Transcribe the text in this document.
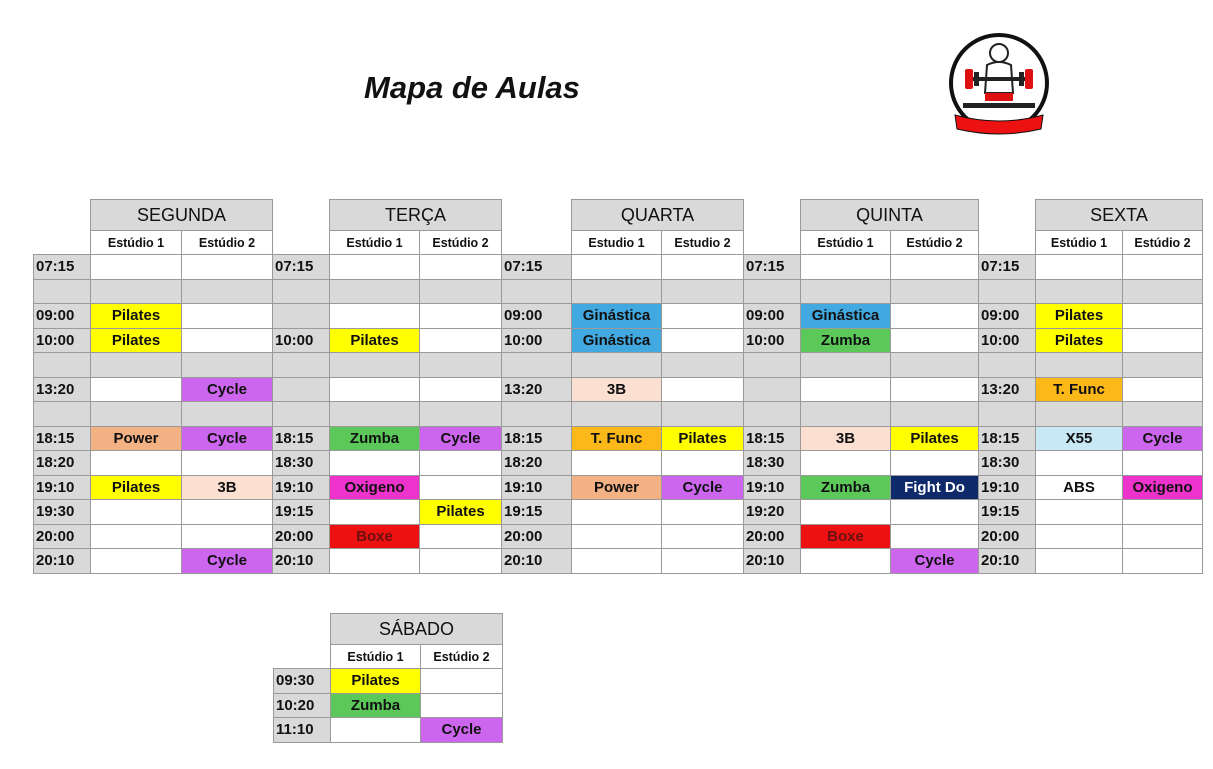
Mapa de Aulas
	SEGUNDA			TERÇA			QUARTA			QUINTA			SEXTA	
	Estúdio 1	Estúdio 2		Estúdio 1	Estúdio 2		Estudio 1	Estudio 2		Estúdio 1	Estúdio 2		Estúdio 1	Estúdio 2
07:15			07:15			07:15			07:15			07:15		

09:00	Pilates					09:00	Ginástica		09:00	Ginástica		09:00	Pilates	
10:00	Pilates		10:00	Pilates		10:00	Ginástica		10:00	Zumba		10:00	Pilates	

13:20		Cycle				13:20	3B					13:20	T. Func	

18:15	Power	Cycle	18:15	Zumba	Cycle	18:15	T. Func	Pilates	18:15	3B	Pilates	18:15	X55	Cycle
18:20			18:30			18:20			18:30			18:30		
19:10	Pilates	3B	19:10	Oxigeno		19:10	Power	Cycle	19:10	Zumba	Fight Do	19:10	ABS	Oxigeno
19:30			19:15		Pilates	19:15			19:20			19:15		
20:00			20:00	Boxe		20:00			20:00	Boxe		20:00		
20:10		Cycle	20:10			20:10			20:10		Cycle	20:10		
	SÁBADO	
	Estúdio 1	Estúdio 2
09:30	Pilates	
10:20	Zumba	
11:10		Cycle
